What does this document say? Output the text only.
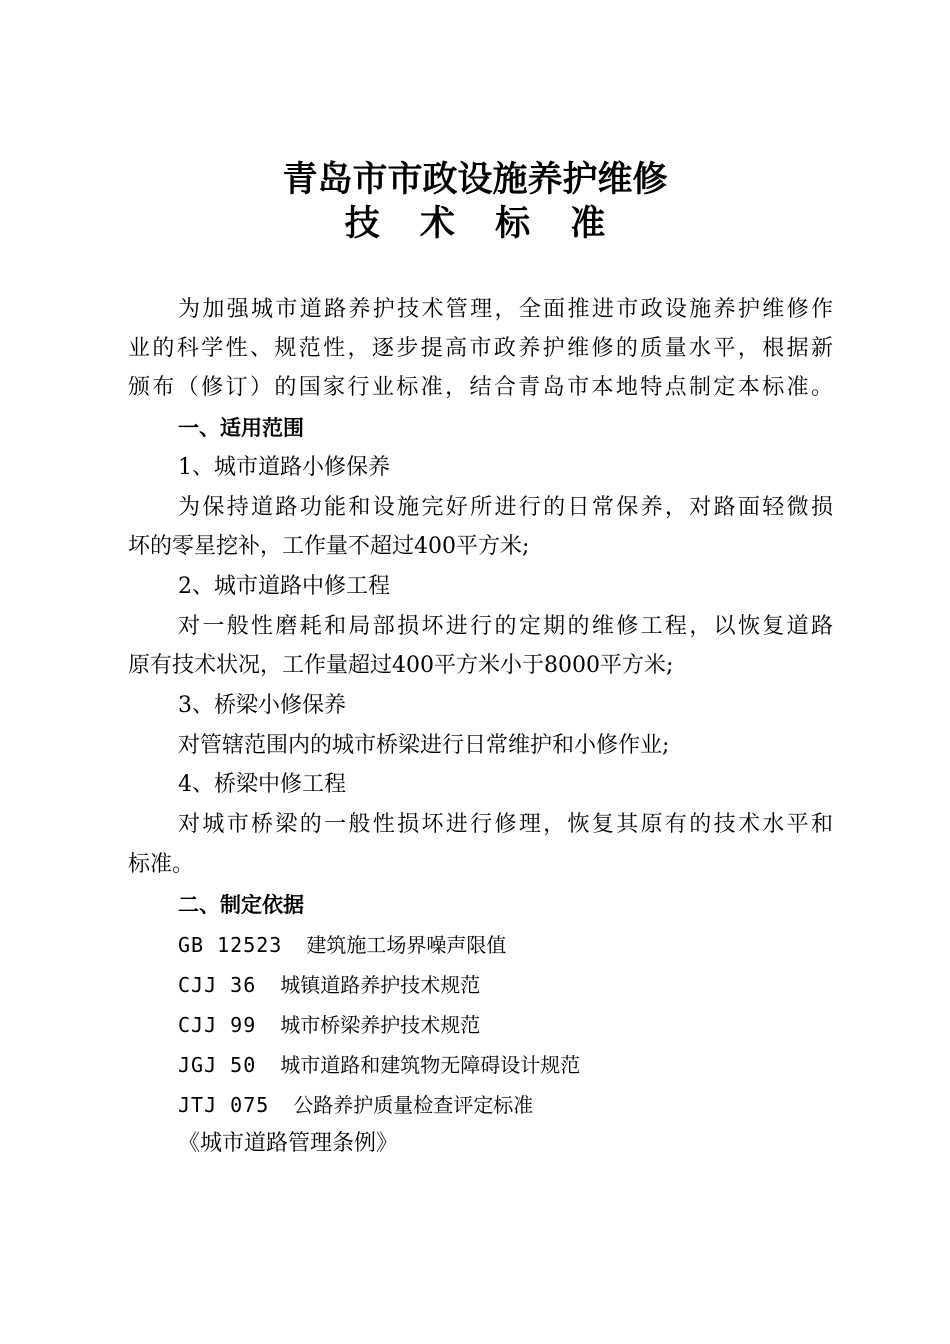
青岛市市政设施养护维修
技 术 标 准

为加强城市道路养护技术管理，全面推进市政设施养护维修作

业的科学性、规范性，逐步提高市政养护维修的质量水平，根据新

颁布（修订）的国家行业标准，结合青岛市本地特点制定本标准。

一、适用范围

1、城市道路小修保养

为保持道路功能和设施完好所进行的日常保养，对路面轻微损

坏的零星挖补，工作量不超过400平方米;

2、城市道路中修工程

对一般性磨耗和局部损坏进行的定期的维修工程，以恢复道路

原有技术状况，工作量超过400平方米小于8000平方米;

3、桥梁小修保养

对管辖范围内的城市桥梁进行日常维护和小修作业;

4、桥梁中修工程

对城市桥梁的一般性损坏进行修理，恢复其原有的技术水平和

标准。

二、制定依据

GB 12523 建筑施工场界噪声限值

CJJ 36 城镇道路养护技术规范

CJJ 99 城市桥梁养护技术规范

JGJ 50 城市道路和建筑物无障碍设计规范

JTJ 075 公路养护质量检查评定标准

《城市道路管理条例》
